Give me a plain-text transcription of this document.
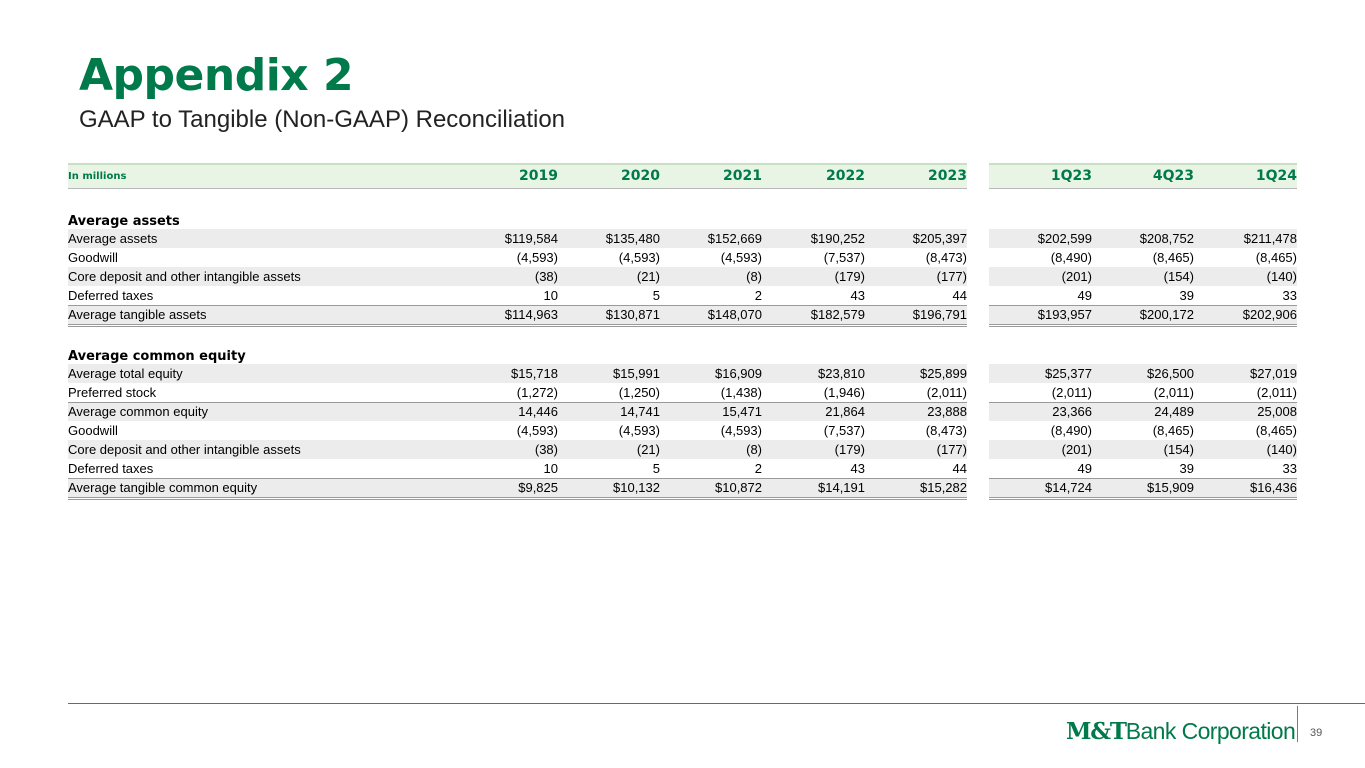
Appendix 2
GAAP to Tangible (Non-GAAP) Reconciliation
In millions	2019	2020	2021	2022	2023	1Q23	4Q23	1Q24
Average assets
Average assets	$119,584	$135,480	$152,669	$190,252	$205,397	$202,599	$208,752	$211,478
Goodwill	(4,593)	(4,593)	(4,593)	(7,537)	(8,473)	(8,490)	(8,465)	(8,465)
Core deposit and other intangible assets	(38)	(21)	(8)	(179)	(177)	(201)	(154)	(140)
Deferred taxes	10	5	2	43	44	49	39	33
Average tangible assets	$114,963	$130,871	$148,070	$182,579	$196,791	$193,957	$200,172	$202,906
Average common equity
Average total equity	$15,718	$15,991	$16,909	$23,810	$25,899	$25,377	$26,500	$27,019
Preferred stock	(1,272)	(1,250)	(1,438)	(1,946)	(2,011)	(2,011)	(2,011)	(2,011)
Average common equity	14,446	14,741	15,471	21,864	23,888	23,366	24,489	25,008
Goodwill	(4,593)	(4,593)	(4,593)	(7,537)	(8,473)	(8,490)	(8,465)	(8,465)
Core deposit and other intangible assets	(38)	(21)	(8)	(179)	(177)	(201)	(154)	(140)
Deferred taxes	10	5	2	43	44	49	39	33
Average tangible common equity	$9,825	$10,132	$10,872	$14,191	$15,282	$14,724	$15,909	$16,436
M&TBank Corporation 39
